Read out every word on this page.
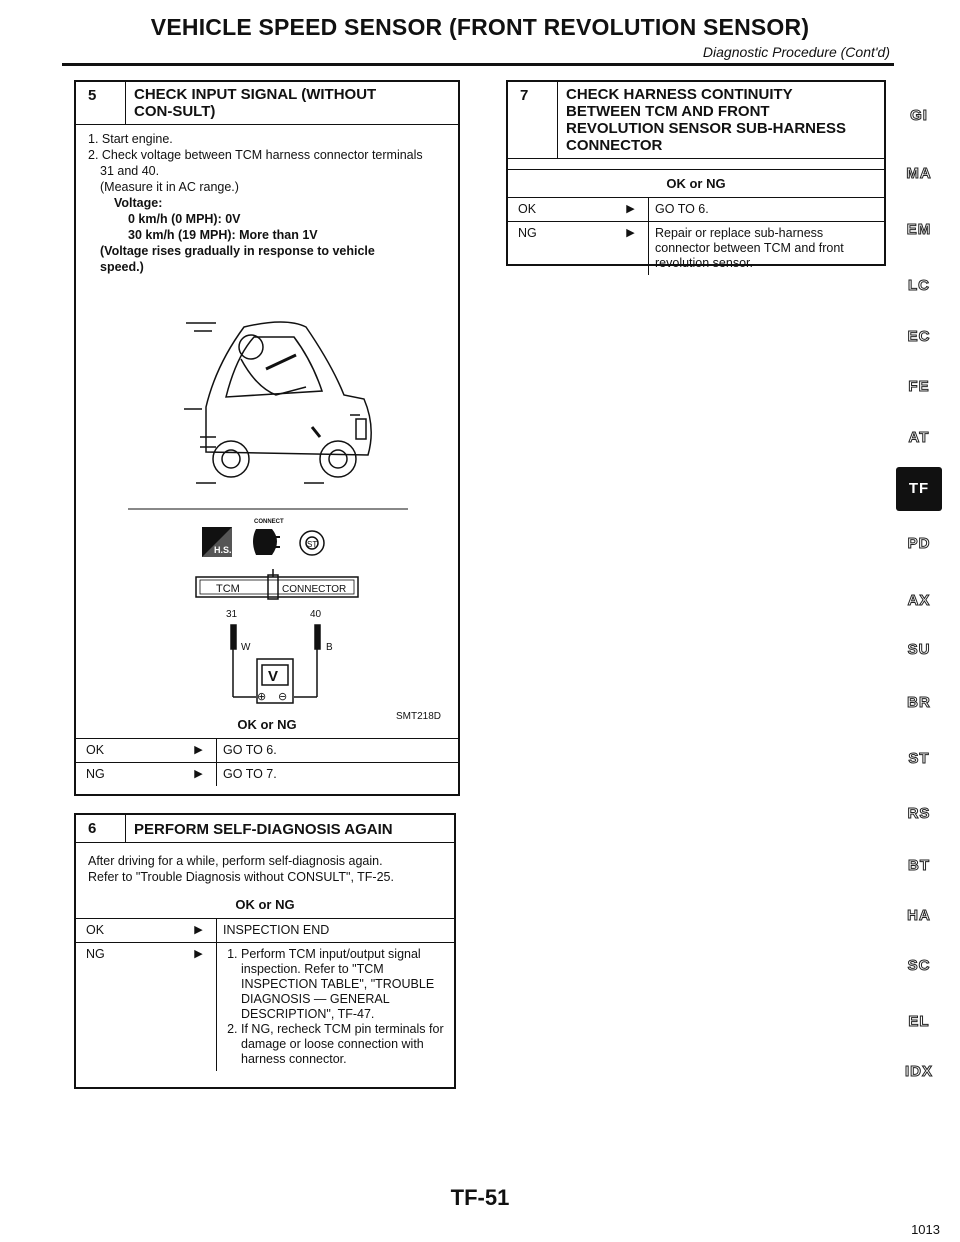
VEHICLE SPEED SENSOR (FRONT REVOLUTION SENSOR)
Diagnostic Procedure (Cont'd)
5	CHECK INPUT SIGNAL (WITHOUT CON-SULT)
1. Start engine.
2. Check voltage between TCM harness connector terminals
31 and 40.
(Measure it in AC range.)
Voltage:
0 km/h (0 MPH): 0V
30 km/h (19 MPH): More than 1V
(Voltage rises gradually in response to vehicle speed.)
H.S.
CONNECT
ST
TCM	CONNECTOR
31	40
W	B
V
⊕ ⊖
SMT218D
OK or NG
OK	▶	GO TO 6.
NG	▶	GO TO 7.
6	PERFORM SELF-DIAGNOSIS AGAIN
After driving for a while, perform self-diagnosis again.
Refer to "Trouble Diagnosis without CONSULT", TF-25.
OK or NG
OK	▶	INSPECTION END
NG	▶
1.	Perform TCM input/output signal inspection. Refer to "TCM INSPECTION TABLE", "TROUBLE DIAGNOSIS — GENERAL DESCRIPTION", TF-47.
2. If NG, recheck TCM pin terminals for damage or loose connection with harness connector.
7	CHECK HARNESS CONTINUITY BETWEEN TCM AND FRONT REVOLUTION SENSOR SUB-HARNESS CONNECTOR
OK or NG
OK	▶	GO TO 6.
NG	▶	Repair or replace sub-harness connector between TCM and front revolution sensor.
GI
MA
EM
LC
EC
FE
AT
TF
PD
AX
SU
BR
ST
RS
BT
HA
SC
EL
IDX
TF-51
1013
